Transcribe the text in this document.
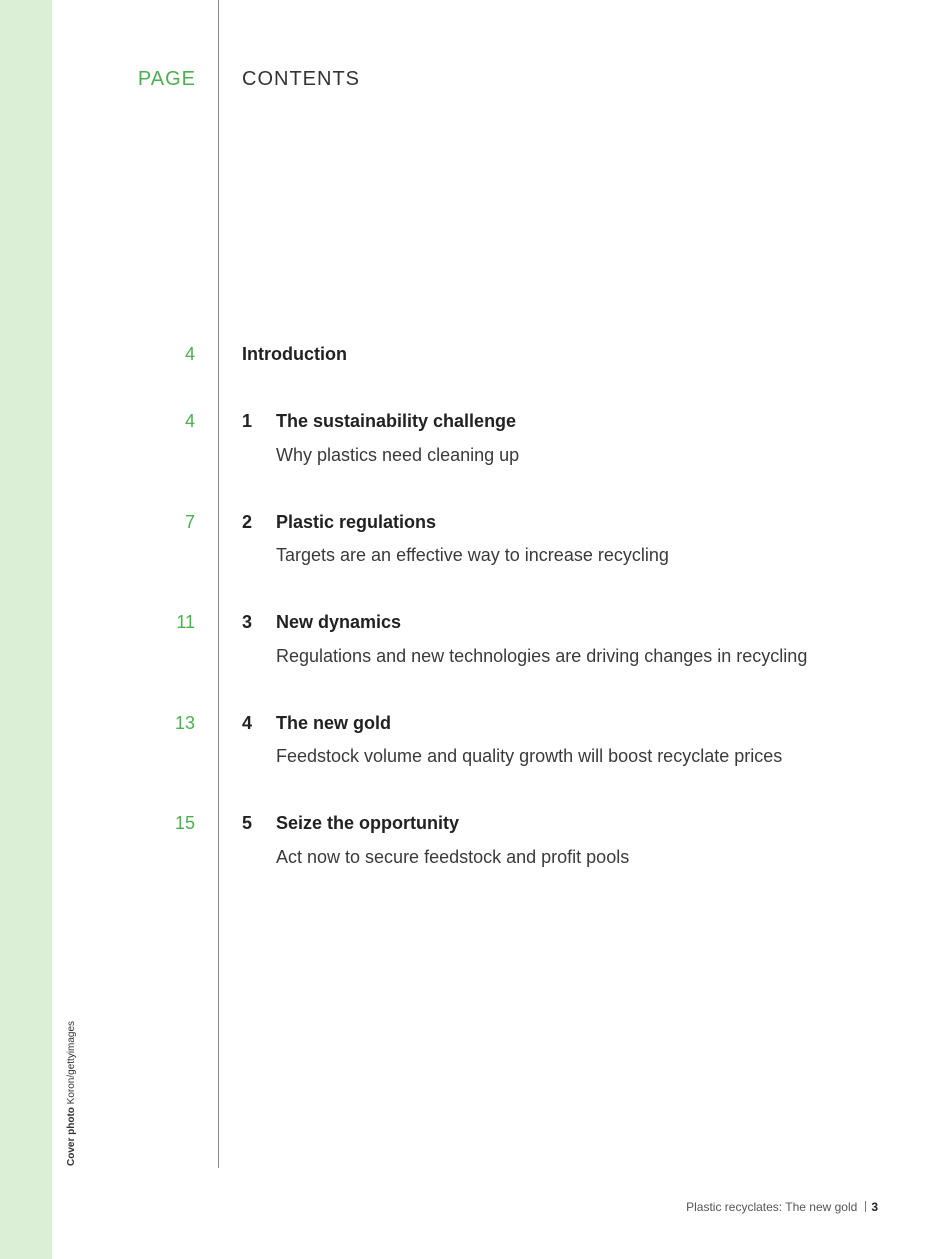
PAGE CONTENTS
4	Introduction
4	1 The sustainability challenge
Why plastics need cleaning up
7	2 Plastic regulations
Targets are an effective way to increase recycling
11	3 New dynamics
Regulations and new technologies are driving changes in recycling
13	4 The new gold
Feedstock volume and quality growth will boost recyclate prices
15	5 Seize the opportunity
Act now to secure feedstock and profit pools
Cover photo Koron/gettyimages
Plastic recyclates: The new gold 3
